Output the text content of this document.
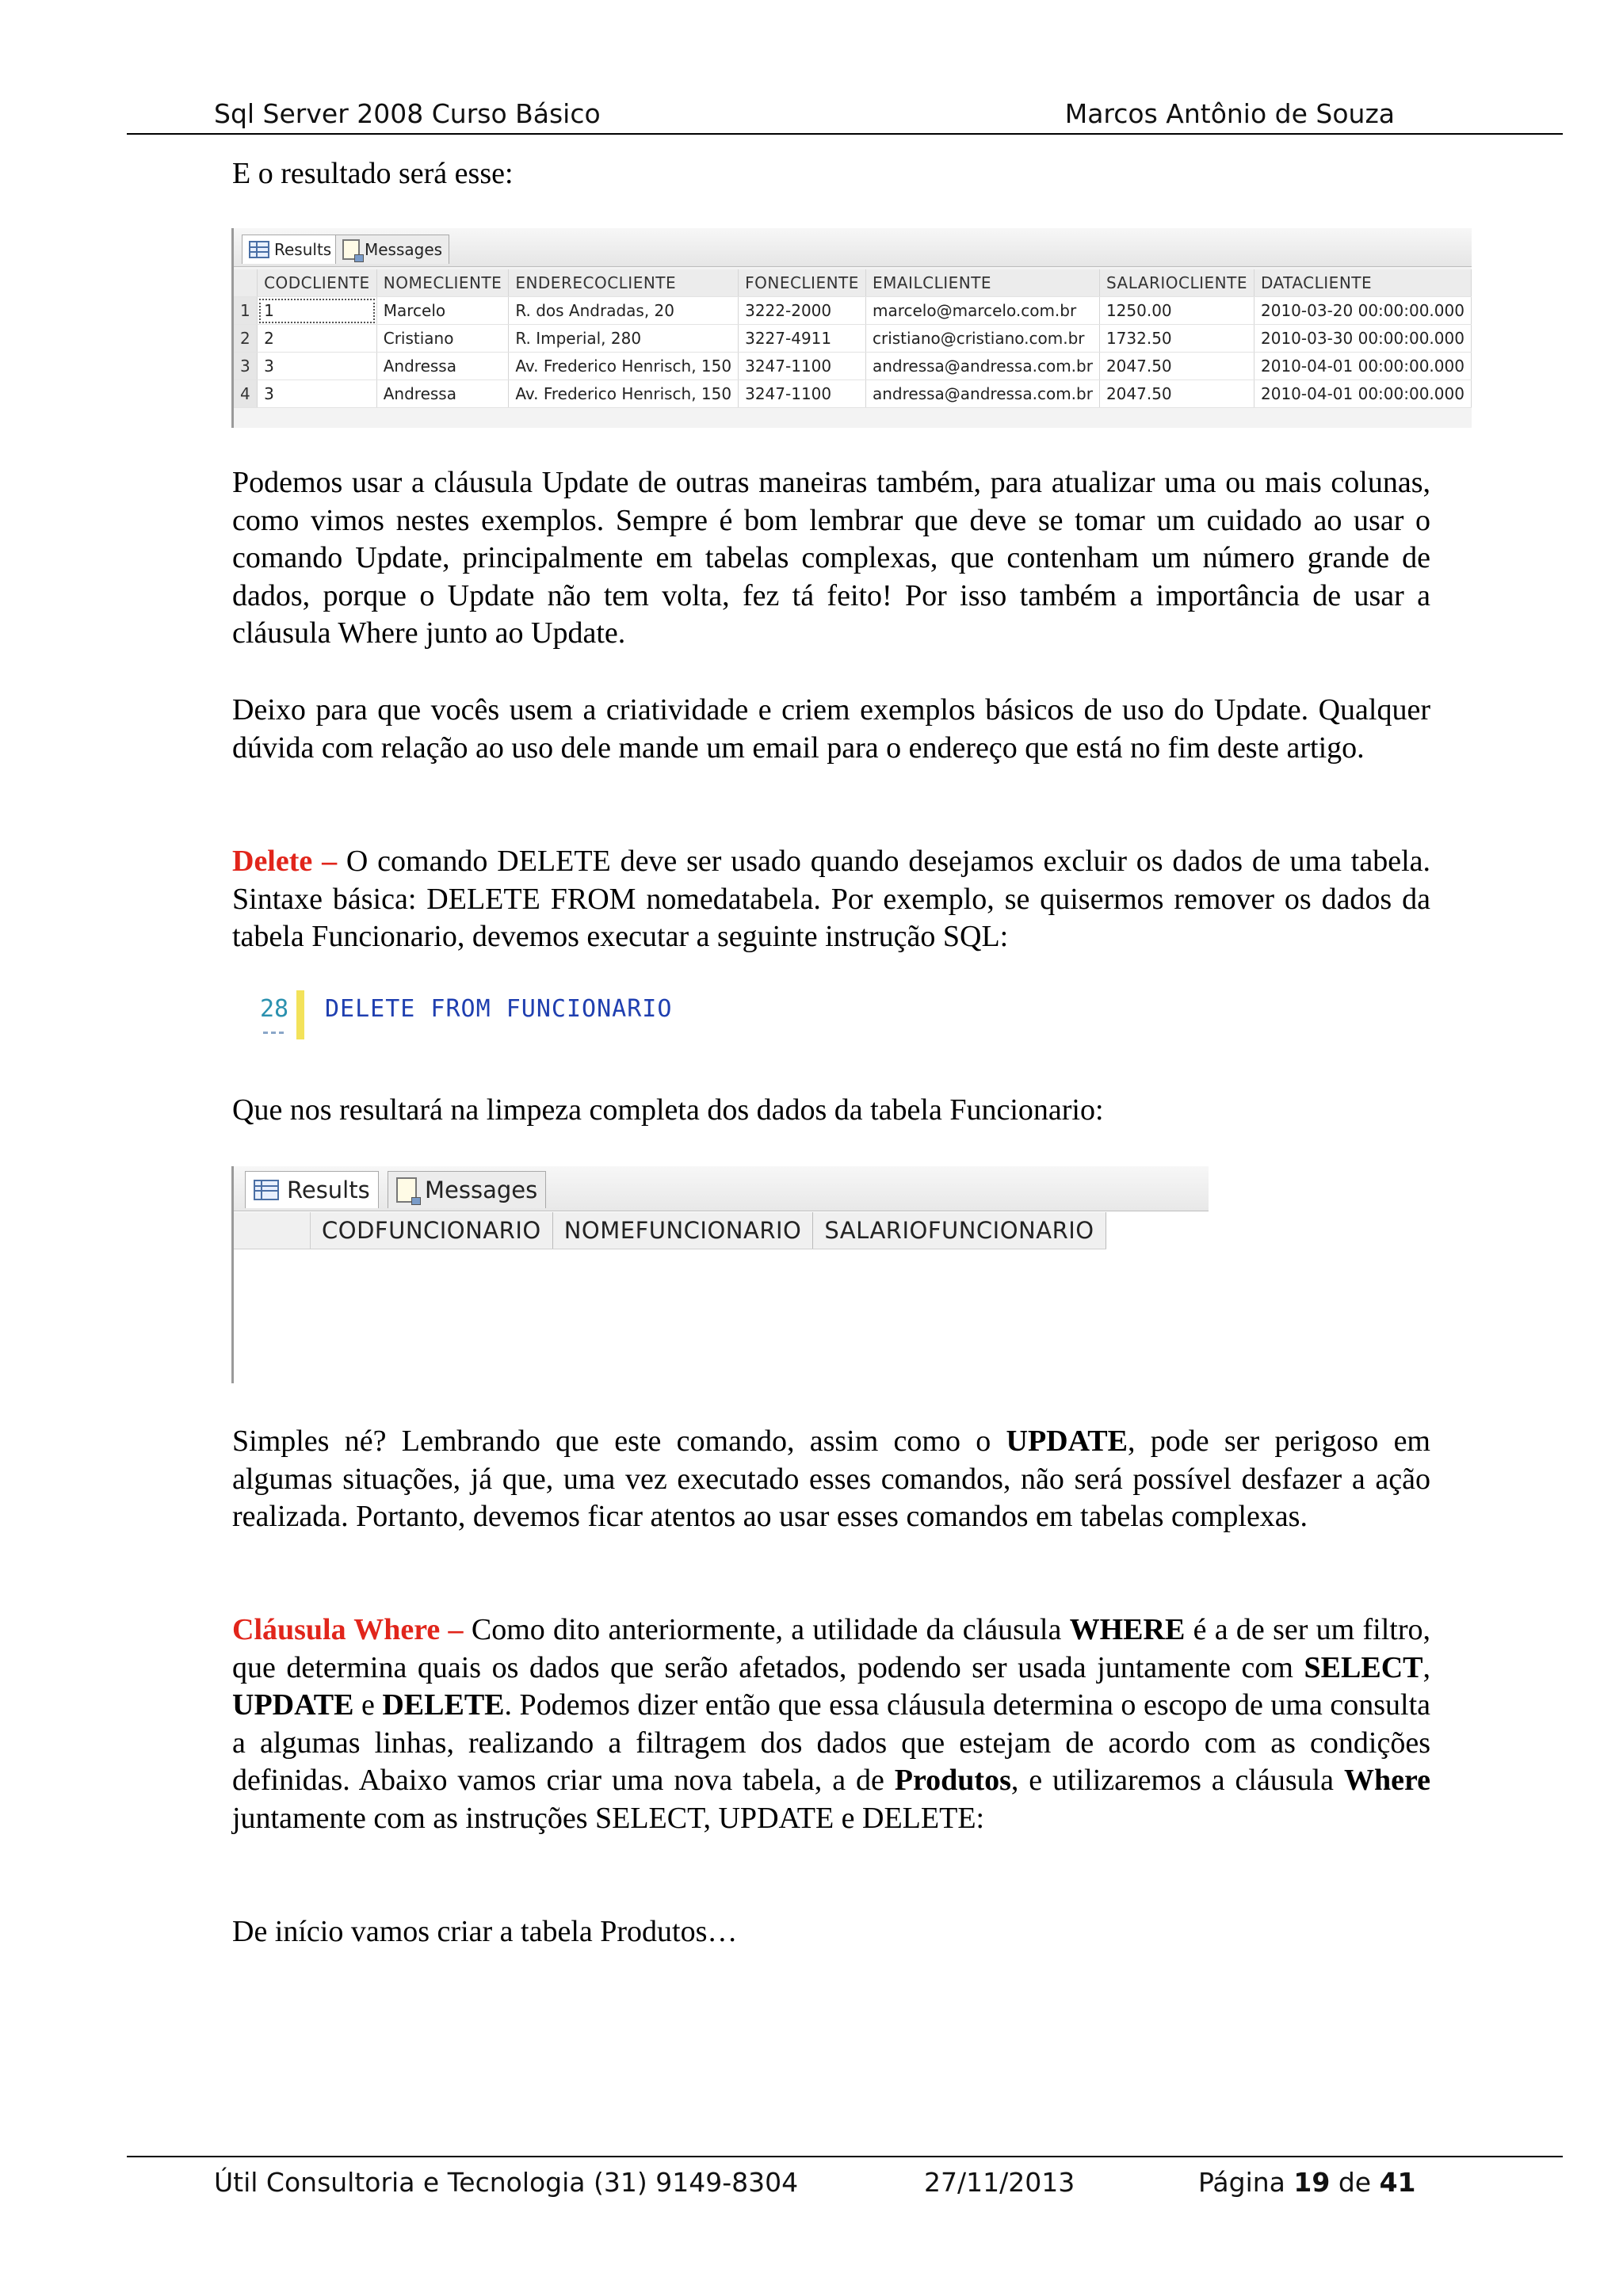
Sql Server 2008 Curso Básico	Marcos Antônio de Souza
E o resultado será esse:
Results Messages
	CODCLIENTE	NOMECLIENTE	ENDERECOCLIENTE	FONECLIENTE	EMAILCLIENTE	SALARIOCLIENTE	DATACLIENTE
1	1	Marcelo	R. dos Andradas, 20	3222-2000	marcelo@marcelo.com.br	1250.00	2010-03-20 00:00:00.000
2	2	Cristiano	R. Imperial, 280	3227-4911	cristiano@cristiano.com.br	1732.50	2010-03-30 00:00:00.000
3	3	Andressa	Av. Frederico Henrisch, 150	3247-1100	andressa@andressa.com.br	2047.50	2010-04-01 00:00:00.000
4	3	Andressa	Av. Frederico Henrisch, 150	3247-1100	andressa@andressa.com.br	2047.50	2010-04-01 00:00:00.000

Podemos usar a cláusula Update de outras maneiras também, para atualizar uma ou mais colunas, como vimos nestes exemplos. Sempre é bom lembrar que deve se tomar um cuidado ao usar o comando Update, principalmente em tabelas complexas, que contenham um número grande de dados, porque o Update não tem volta, fez tá feito! Por isso também a importância de usar a cláusula Where junto ao Update.

Deixo para que vocês usem a criatividade e criem exemplos básicos de uso do Update. Qualquer dúvida com relação ao uso dele mande um email para o endereço que está no fim deste artigo.

Delete – O comando DELETE deve ser usado quando desejamos excluir os dados de uma tabela. Sintaxe básica: DELETE FROM nomedatabela. Por exemplo, se quisermos remover os dados da tabela Funcionario, devemos executar a seguinte instrução SQL:

28 DELETE FROM FUNCIONARIO

Que nos resultará na limpeza completa dos dados da tabela Funcionario:

Results Messages
CODFUNCIONARIO	NOMEFUNCIONARIO	SALARIOFUNCIONARIO

Simples né? Lembrando que este comando, assim como o UPDATE, pode ser perigoso em algumas situações, já que, uma vez executado esses comandos, não será possível desfazer a ação realizada. Portanto, devemos ficar atentos ao usar esses comandos em tabelas complexas.

Cláusula Where – Como dito anteriormente, a utilidade da cláusula WHERE é a de ser um filtro, que determina quais os dados que serão afetados, podendo ser usada juntamente com SELECT, UPDATE e DELETE. Podemos dizer então que essa cláusula determina o escopo de uma consulta a algumas linhas, realizando a filtragem dos dados que estejam de acordo com as condições definidas. Abaixo vamos criar uma nova tabela, a de Produtos, e utilizaremos a cláusula Where juntamente com as instruções SELECT, UPDATE e DELETE:

De início vamos criar a tabela Produtos…

Útil Consultoria e Tecnologia (31) 9149-8304	27/11/2013	Página 19 de 41
